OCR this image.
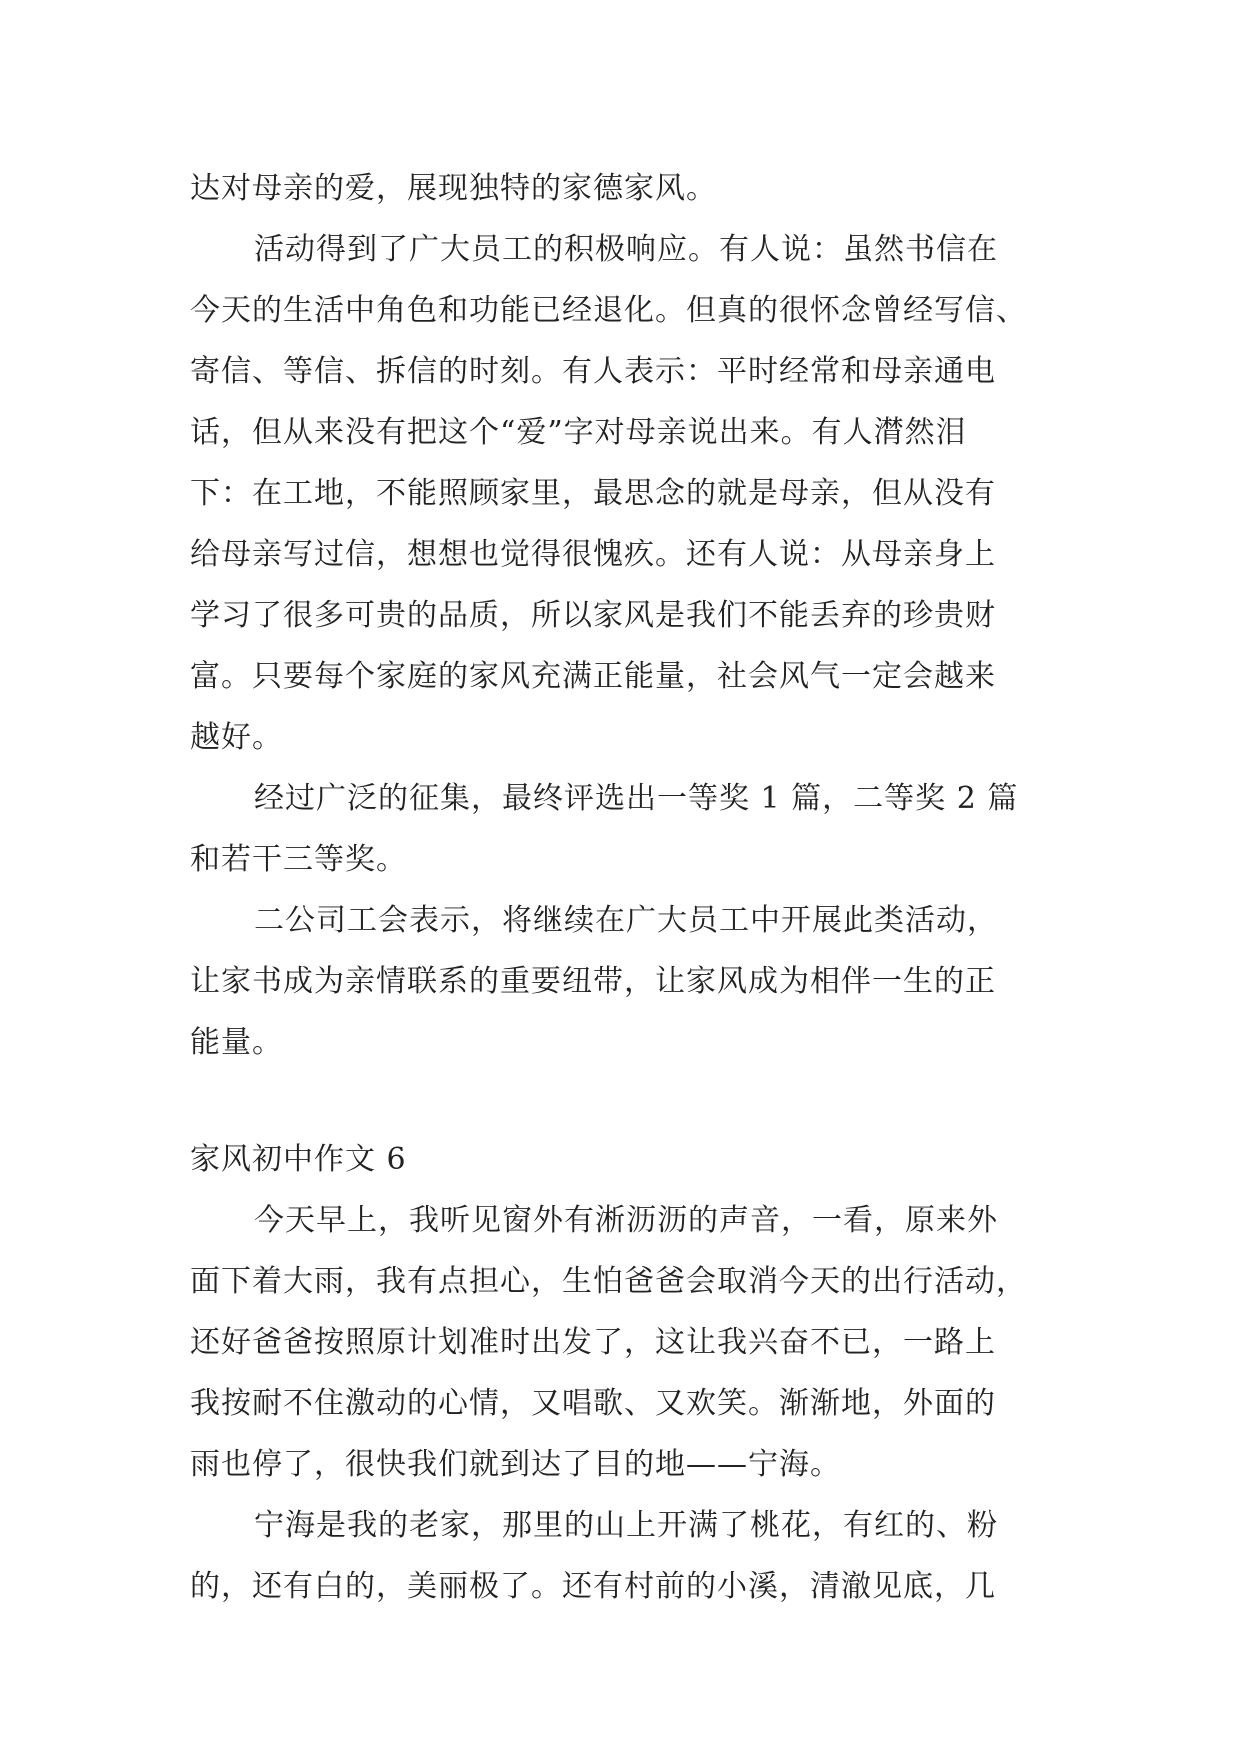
达对母亲的爱，展现独特的家德家风。
活动得到了广大员工的积极响应。有人说：虽然书信在
今天的生活中角色和功能已经退化。但真的很怀念曾经写信、
寄信、等信、拆信的时刻。有人表示：平时经常和母亲通电
话，但从来没有把这个“爱”字对母亲说出来。有人潸然泪
下：在工地，不能照顾家里，最思念的就是母亲，但从没有
给母亲写过信，想想也觉得很愧疚。还有人说：从母亲身上
学习了很多可贵的品质，所以家风是我们不能丢弃的珍贵财
富。只要每个家庭的家风充满正能量，社会风气一定会越来
越好。
经过广泛的征集，最终评选出一等奖 1 篇，二等奖 2 篇
和若干三等奖。
二公司工会表示，将继续在广大员工中开展此类活动，
让家书成为亲情联系的重要纽带，让家风成为相伴一生的正
能量。
家风初中作文 6
今天早上，我听见窗外有淅沥沥的声音，一看，原来外
面下着大雨，我有点担心，生怕爸爸会取消今天的出行活动，
还好爸爸按照原计划准时出发了，这让我兴奋不已，一路上
我按耐不住激动的心情，又唱歌、又欢笑。渐渐地，外面的
雨也停了，很快我们就到达了目的地——宁海。
宁海是我的老家，那里的山上开满了桃花，有红的、粉
的，还有白的，美丽极了。还有村前的小溪，清澈见底，几
